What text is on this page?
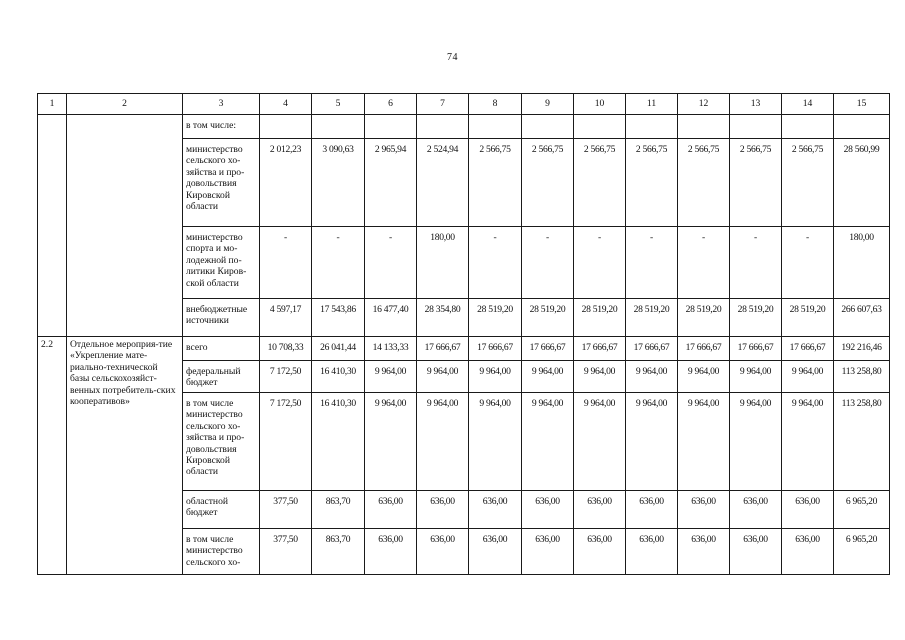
74
1	2	3	4	5	6	7	8	9	10	11	12	13	14	15
		в том числе:												
		министерство сельского хо-зяйства и про-довольствия Кировской области	2 012,23	3 090,63	2 965,94	2 524,94	2 566,75	2 566,75	2 566,75	2 566,75	2 566,75	2 566,75	2 566,75	28 560,99
		министерство спорта и мо-лодежной по-литики Киров-ской области	-	-	-	180,00	-	-	-	-	-	-	-	180,00
		внебюджетные источники	4 597,17	17 543,86	16 477,40	28 354,80	28 519,20	28 519,20	28 519,20	28 519,20	28 519,20	28 519,20	28 519,20	266 607,63
2.2	Отдельное мероприя-тие «Укрепление мате-риально-технической базы сельскохозяйст-венных потребитель-ских кооперативов»	всего	10 708,33	26 041,44	14 133,33	17 666,67	17 666,67	17 666,67	17 666,67	17 666,67	17 666,67	17 666,67	17 666,67	192 216,46
		федеральный бюджет	7 172,50	16 410,30	9 964,00	9 964,00	9 964,00	9 964,00	9 964,00	9 964,00	9 964,00	9 964,00	9 964,00	113 258,80
		в том числе министерство сельского хо-зяйства и про-довольствия Кировской области	7 172,50	16 410,30	9 964,00	9 964,00	9 964,00	9 964,00	9 964,00	9 964,00	9 964,00	9 964,00	9 964,00	113 258,80
		областной бюджет	377,50	863,70	636,00	636,00	636,00	636,00	636,00	636,00	636,00	636,00	636,00	6 965,20
		в том числе министерство сельского хо-	377,50	863,70	636,00	636,00	636,00	636,00	636,00	636,00	636,00	636,00	636,00	6 965,20
